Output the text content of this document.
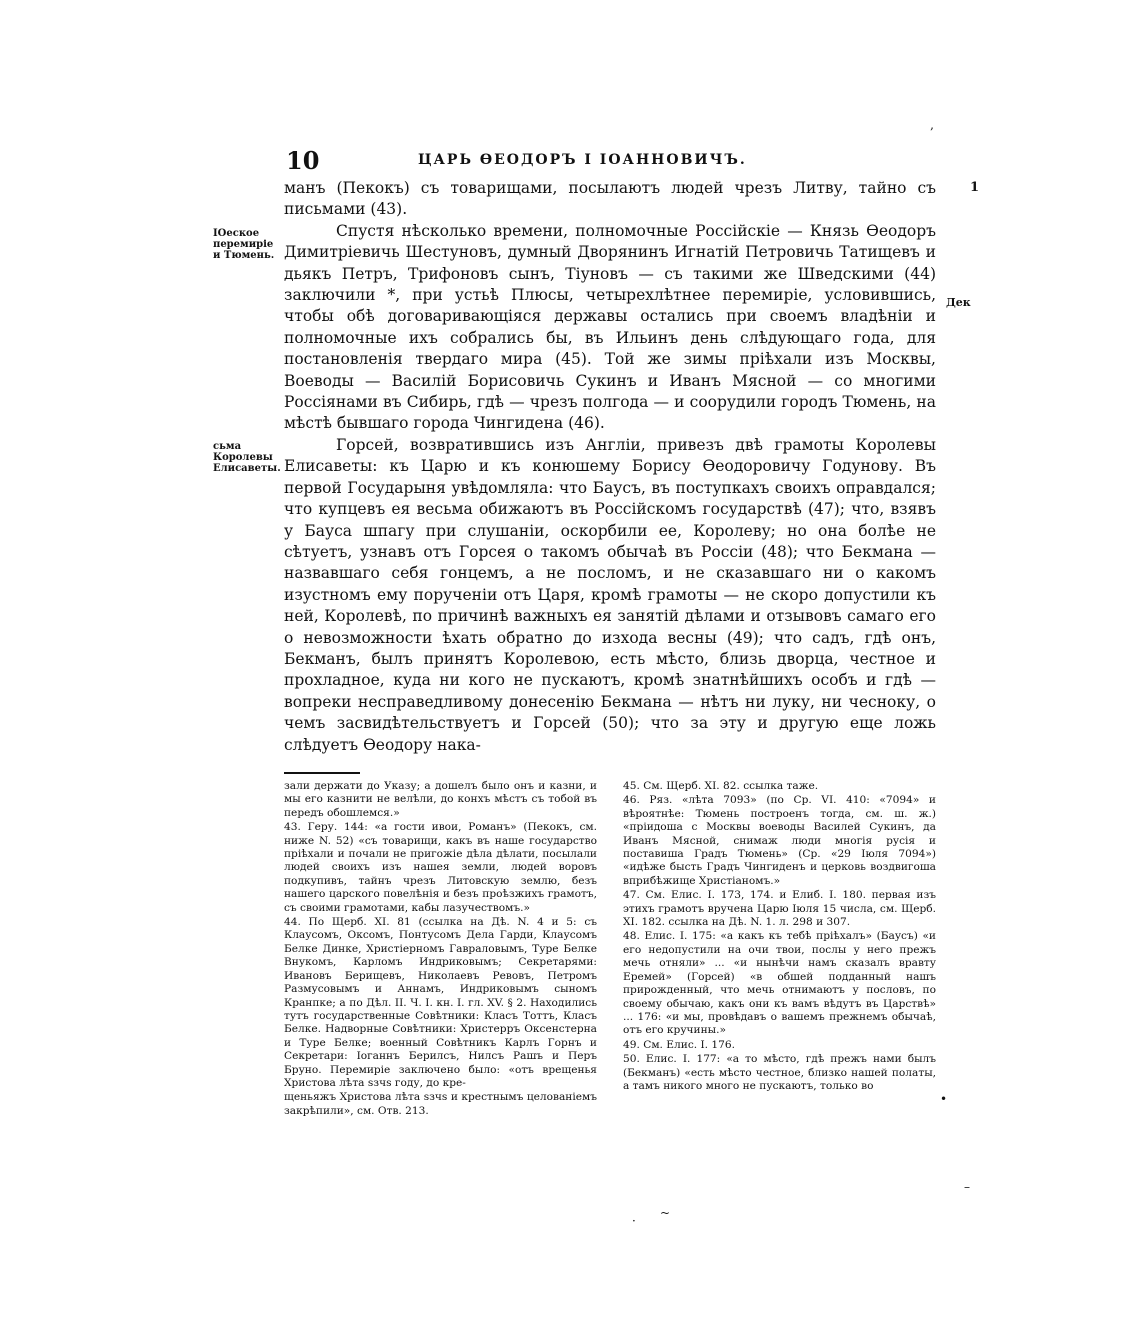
10	ЦАРЬ ѲЕОДОРЪ I IОАННОВИЧЪ.
1
Дек
ІОеское перемиріе и Тюмень.
сьма Королевы Елисаветы.

манъ (Пекокъ) съ товарищами, посылаютъ людей чрезъ Литву, тайно съ письмами (43).

Спустя нѣсколько времени, полномочные Россійскіе — Князь Ѳеодоръ Димитріевичь Шестуновъ, думный Дворянинъ Игнатій Петровичь Татищевъ и дьякъ Петръ, Трифоновъ сынъ, Тіуновъ — съ такими же Шведскими (44) заключили *, при устьѣ Плюсы, четырехлѣтнее перемиріе, условившись, чтобы обѣ договаривающіяся державы остались при своемъ владѣніи и полномочные ихъ собрались бы, въ Ильинъ день слѣдующаго года, для постановленія твердаго мира (45). Той же зимы пріѣхали изъ Москвы, Воеводы — Василій Борисовичь Сукинъ и Иванъ Мясной — со многими Россіянами въ Сибирь, гдѣ — чрезъ полгода — и соорудили городъ Тюмень, на мѣстѣ бывшаго города Чингидена (46).

Горсей, возвратившись изъ Англіи, привезъ двѣ грамоты Королевы Елисаветы: къ Царю и къ конюшему Борису Ѳеодоровичу Годунову. Въ первой Государыня увѣдомляла: что Баусъ, въ поступкахъ своихъ оправдался; что купцевъ ея весьма обижаютъ въ Россійскомъ государствѣ (47); что, взявъ у Бауса шпагу при слушаніи, оскорбили ее, Королеву; но она болѣе не сѣтуетъ, узнавъ отъ Горсея о такомъ обычаѣ въ Россіи (48); что Бекмана — назвавшаго себя гонцемъ, а не посломъ, и не сказавшаго ни о какомъ изустномъ ему порученіи отъ Царя, кромѣ грамоты — не скоро допустили къ ней, Королевѣ, по причинѣ важныхъ ея занятій дѣлами и отзывовъ самаго его о невозможности ѣхать обратно до изхода весны (49); что садъ, гдѣ онъ, Бекманъ, былъ принятъ Королевою, есть мѣсто, близь дворца, честное и прохладное, куда ни кого не пускаютъ, кромѣ знатнѣйшихъ особъ и гдѣ — вопреки несправедливому донесенію Бекмана — нѣтъ ни луку, ни чесноку, о чемъ засвидѣтельствуетъ и Горсей (50); что за эту и другую еще ложь слѣдуетъ Ѳеодору нака-

зали держати до Указу; а дошелъ было онъ и казни, и мы его казнити не велѣли, до конхъ мѣстъ съ тобой въ передъ обошлемся.»

43. Геру. 144: «а гости ивои, Романъ» (Пекокъ, см. ниже N. 52) «съ товарищи, какъ въ наше государство пріѣхали и почали не пригожіе дѣла дѣлати, посылали людей своихъ изъ нашея земли, людей воровъ подкупивъ, тайнъ чрезъ Литовскую землю, безъ нашего царского повелѣнія и безъ проѣзжихъ грамотъ, съ своими грамотами, кабы лазучествомъ.»

44. По Щерб. XI. 81 (ссылка на Дѣ. N. 4 и 5: съ Клаусомъ, Оксомъ, Понтусомъ Дела Гарди, Клаусомъ Белке Динке, Христіерномъ Гавраловымъ, Туре Белке Внукомъ, Карломъ Индриковымъ; Секретарями: Ивановъ Берищевъ, Николаевъ Ревовъ, Петромъ Размусовымъ и Аннамъ, Индриковымъ сыномъ Кранпке; а по Дѣл. II. Ч. I. кн. I. гл. XV. § 2. Находились тутъ государственные Совѣтники: Класъ Тоттъ, Класъ Белке. Надворные Совѣтники: Христерръ Оксенстерна и Туре Белке; военный Совѣтникъ Карлъ Горнъ и Секретари: Іоганнъ Берилсъ, Нилсъ Рашъ и Перъ Бруно. Перемиріе заключено было: «отъ врещенья Христова лѣта ѕзчѕ году, до кре-

щеньяжъ Христова лѣта ѕзчѕ и крестнымъ целованіемъ закрѣпили», см. Отв. 213.

45. См. Щерб. XI. 82. ссылка таже.

46. Ряз. «лѣта 7093» (по Ср. VI. 410: «7094» и вѣроятнѣе: Тюмень построенъ тогда, см. ш. ж.) «пріидоша с Москвы воеводы Василей Сукинъ, да Иванъ Мясной, снимаж люди многія русія и поставиша Градъ Тюмень» (Ср. «29 Іюля 7094») «идѣже бысть Градъ Чингиденъ и церковь воздвигоша вприбѣжище Христіаномъ.»

47. См. Елис. I. 173, 174. и Елиб. I. 180. первая изъ этихъ грамотъ вручена Царю Іюля 15 числа, см. Щерб. XI. 182. ссылка на Дѣ. N. 1. л. 298 и 307.

48. Елис. I. 175: «а какъ къ тебѣ пріѣхалъ» (Баусъ) «и его недопустили на очи твои, послы у него прежъ мечь отняли» ... «и нынѣчи намъ сказалъ вравту Еремей» (Горсей) «в обшей подданный нашъ прирожденный, что мечь отнимаютъ у пословъ, по своему обычаю, какъ они къ вамъ вѣдутъ въ Царствѣ» ... 176: «и мы, провѣдавъ о вашемъ прежнемъ обычаѣ, отъ его кручины.»

49. См. Елис. I. 176.

50. Елис. I. 177: «а то мѣсто, гдѣ прежъ нами былъ (Бекманъ) «есть мѣсто честное, близко нашей полаты, а тамъ никого много не пускаютъ, только во

‚
•
–
·
~
